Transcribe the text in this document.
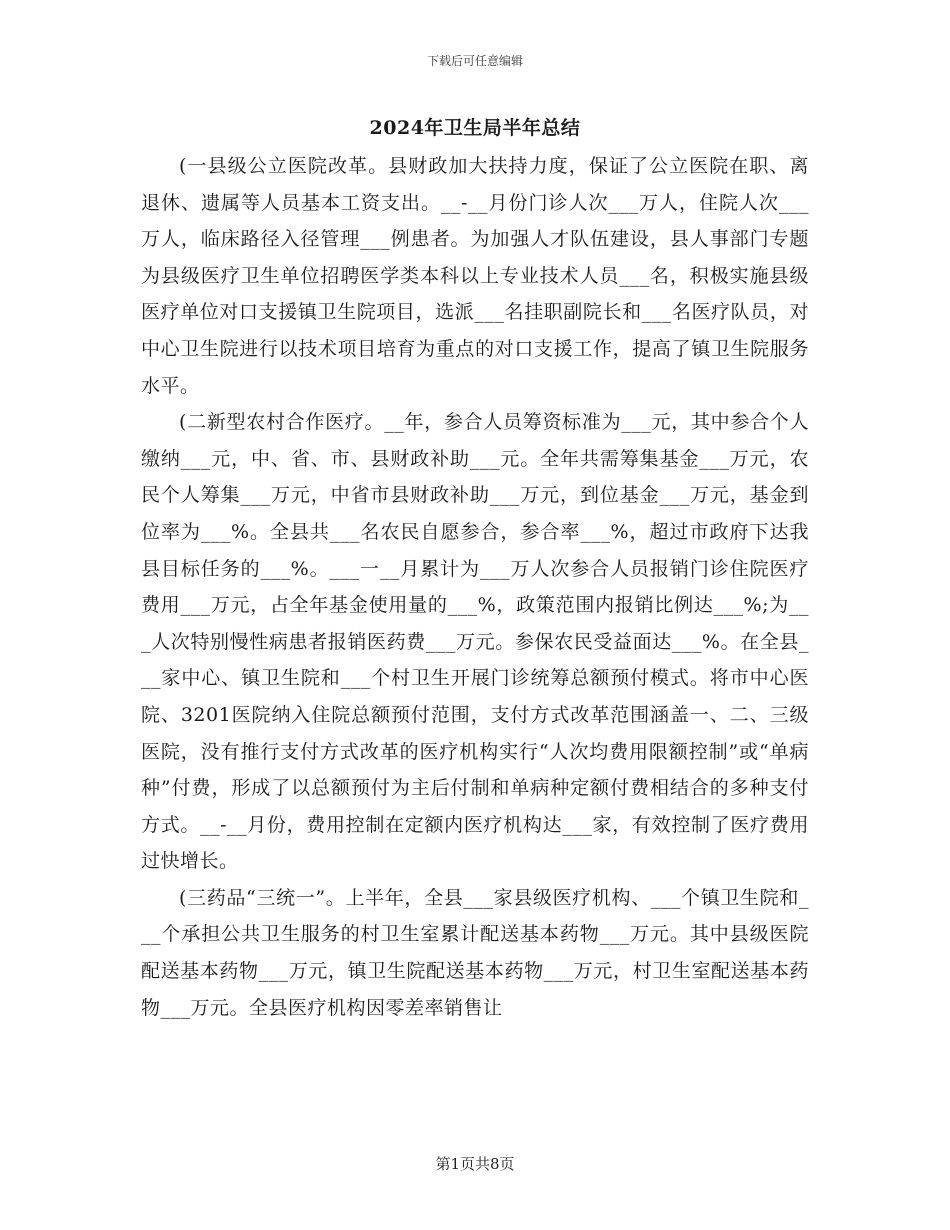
下载后可任意编辑
2024年卫生局半年总结

(一县级公立医院改革。县财政加大扶持力度，保证了公立医院在职、离退休、遗属等人员基本工资支出。__-__月份门诊人次___万人，住院人次___万人，临床路径入径管理___例患者。为加强人才队伍建设，县人事部门专题为县级医疗卫生单位招聘医学类本科以上专业技术人员___名，积极实施县级医疗单位对口支援镇卫生院项目，选派___名挂职副院长和___名医疗队员，对中心卫生院进行以技术项目培育为重点的对口支援工作，提高了镇卫生院服务水平。

(二新型农村合作医疗。__年，参合人员筹资标准为___元，其中参合个人缴纳___元，中、省、市、县财政补助___元。全年共需筹集基金___万元，农民个人筹集___万元，中省市县财政补助___万元，到位基金___万元，基金到位率为___%。全县共___名农民自愿参合，参合率___%，超过市政府下达我县目标任务的___%。___一__月累计为___万人次参合人员报销门诊住院医疗费用___万元，占全年基金使用量的___%，政策范围内报销比例达___%;为___人次特别慢性病患者报销医药费___万元。参保农民受益面达___%。在全县___家中心、镇卫生院和___个村卫生开展门诊统筹总额预付模式。将市中心医院、3201医院纳入住院总额预付范围，支付方式改革范围涵盖一、二、三级医院，没有推行支付方式改革的医疗机构实行“人次均费用限额控制”或“单病种”付费，形成了以总额预付为主后付制和单病种定额付费相结合的多种支付方式。__-__月份，费用控制在定额内医疗机构达___家，有效控制了医疗费用过快增长。

(三药品“三统一”。上半年，全县___家县级医疗机构、___个镇卫生院和___个承担公共卫生服务的村卫生室累计配送基本药物___万元。其中县级医院配送基本药物___万元，镇卫生院配送基本药物___万元，村卫生室配送基本药物___万元。全县医疗机构因零差率销售让

第1页共8页
